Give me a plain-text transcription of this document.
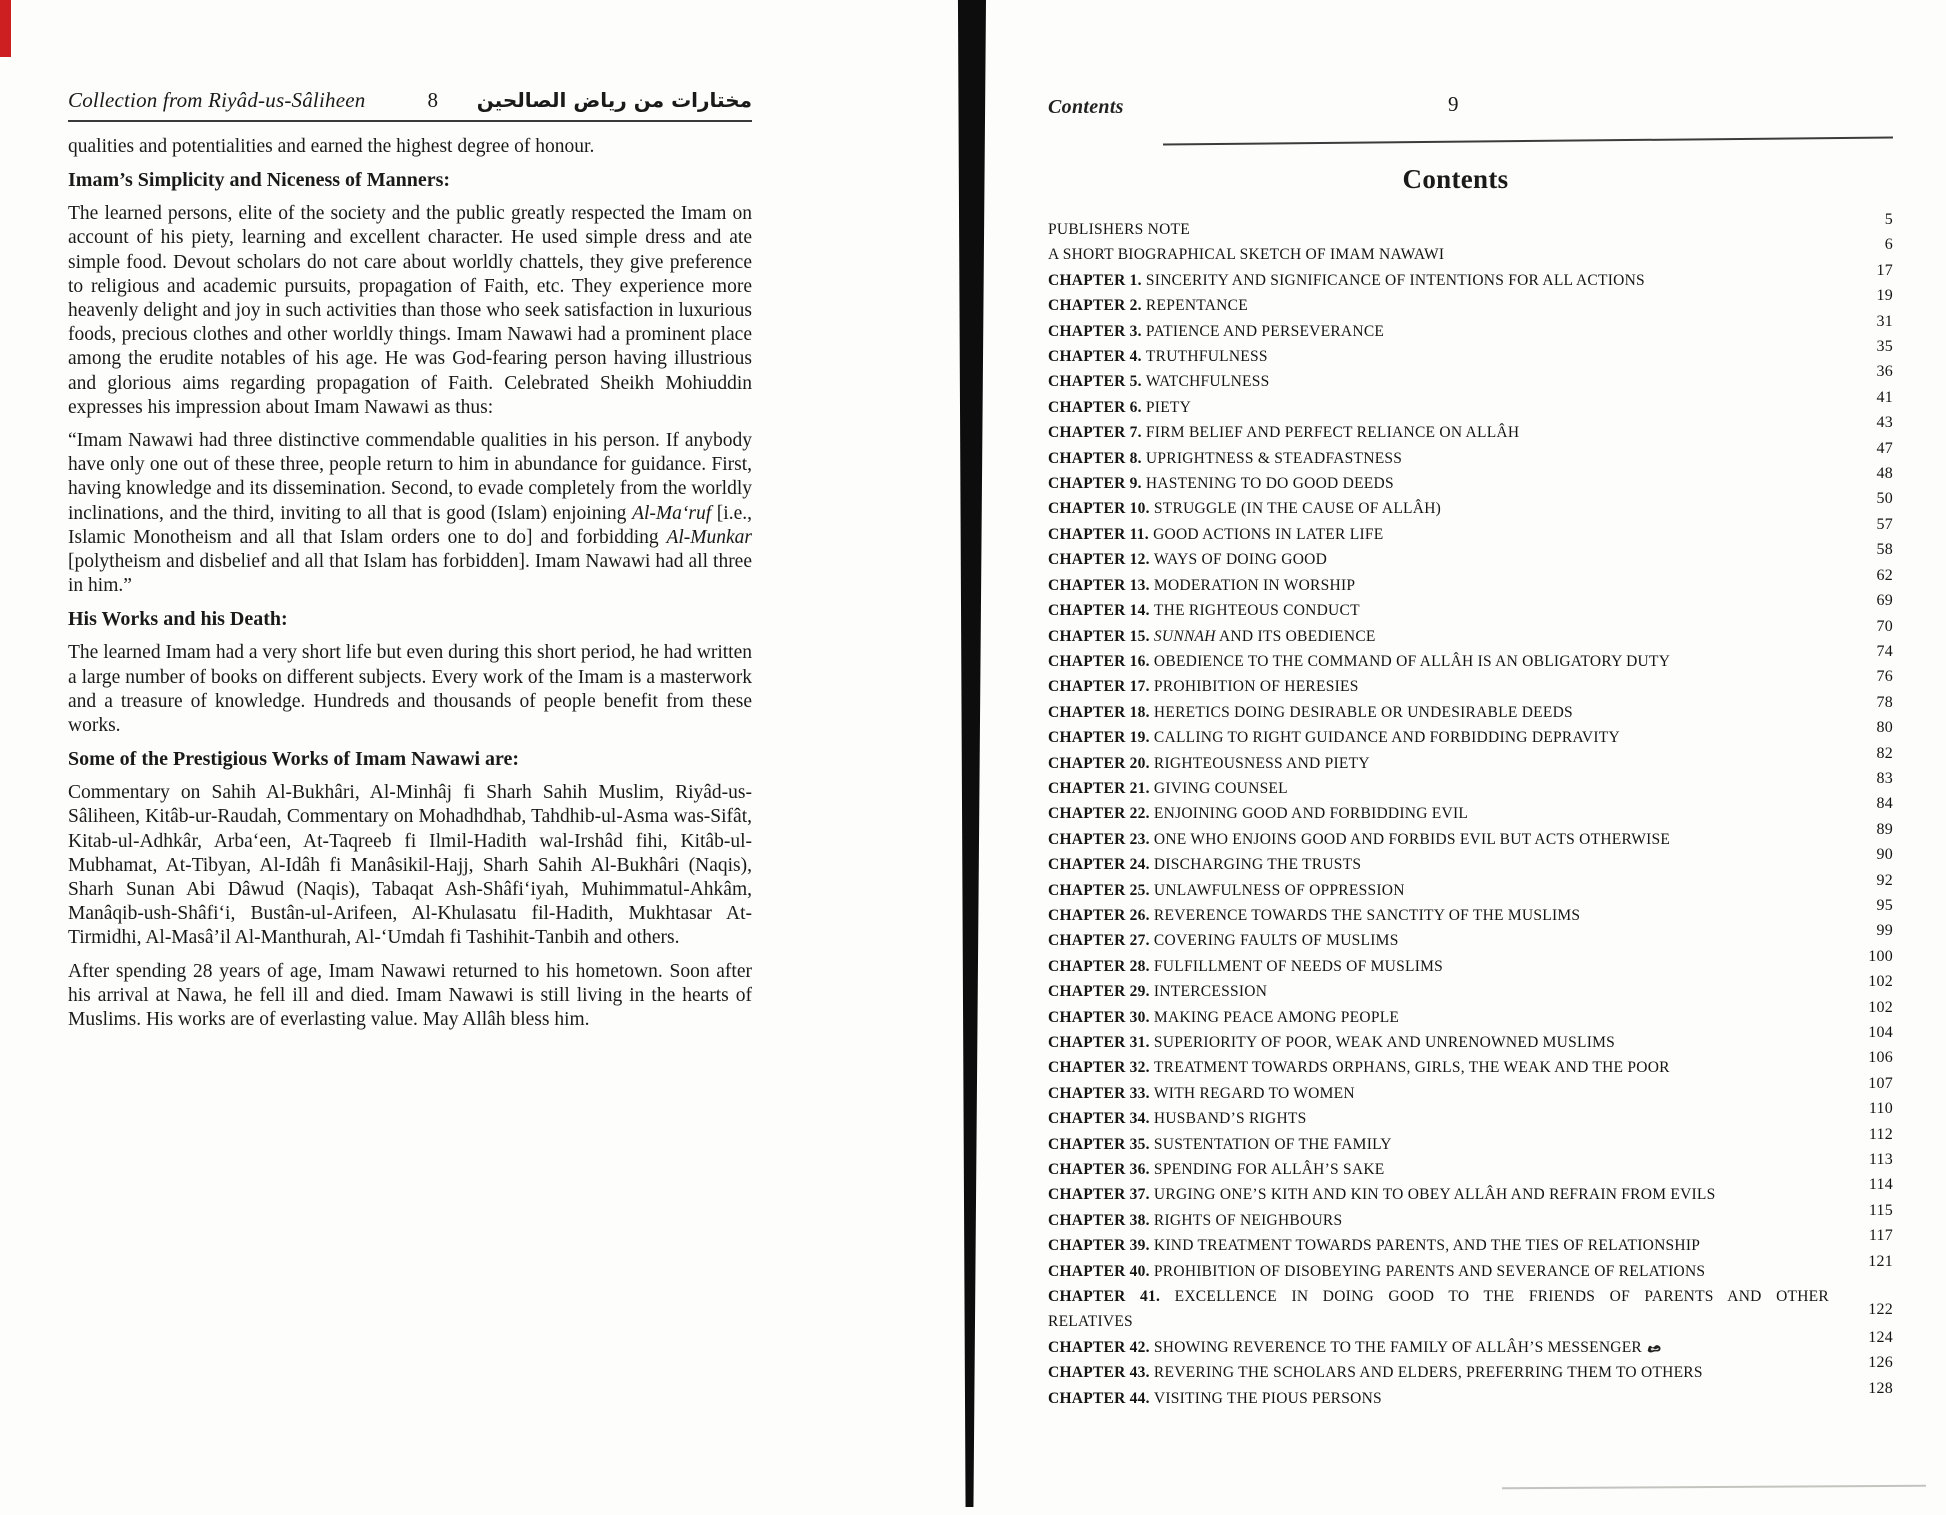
Collection from Riyâd-us-Sâliheen	8 مختارات من رياض الصالحين

qualities and potentialities and earned the highest degree of honour.

Imam’s Simplicity and Niceness of Manners:

The learned persons, elite of the society and the public greatly respected the Imam on account of his piety, learning and excellent character. He used simple dress and ate simple food. Devout scholars do not care about worldly chattels, they give preference to religious and academic pursuits, propagation of Faith, etc. They experience more heavenly delight and joy in such activities than those who seek satisfaction in luxurious foods, precious clothes and other worldly things. Imam Nawawi had a prominent place among the erudite notables of his age. He was God-fearing person having illustrious and glorious aims regarding propagation of Faith. Celebrated Sheikh Mohiuddin expresses his impression about Imam Nawawi as thus:

“Imam Nawawi had three distinctive commendable qualities in his person. If anybody have only one out of these three, people return to him in abundance for guidance. First, having knowledge and its dissemination. Second, to evade completely from the worldly inclinations, and the third, inviting to all that is good (Islam) enjoining Al-Ma‘ruf [i.e., Islamic Monotheism and all that Islam orders one to do] and forbidding Al-Munkar [polytheism and disbelief and all that Islam has forbidden]. Imam Nawawi had all three in him.”

His Works and his Death:

The learned Imam had a very short life but even during this short period, he had written a large number of books on different subjects. Every work of the Imam is a masterwork and a treasure of knowledge. Hundreds and thousands of people benefit from these works.

Some of the Prestigious Works of Imam Nawawi are:

Commentary on Sahih Al-Bukhâri, Al-Minhâj fi Sharh Sahih Muslim, Riyâd-us-Sâliheen, Kitâb-ur-Raudah, Commentary on Mohadhdhab, Tahdhib-ul-Asma was-Sifât, Kitab-ul-Adhkâr, Arba‘een, At-Taqreeb fi Ilmil-Hadith wal-Irshâd fihi, Kitâb-ul-Mubhamat, At-Tibyan, Al-Idâh fi Manâsikil-Hajj, Sharh Sahih Al-Bukhâri (Naqis), Sharh Sunan Abi Dâwud (Naqis), Tabaqat Ash-Shâfi‘iyah, Muhimmatul-Ahkâm, Manâqib-ush-Shâfi‘i, Bustân-ul-Arifeen, Al-Khulasatu fil-Hadith, Mukhtasar At-Tirmidhi, Al-Masâ’il Al-Manthurah, Al-‘Umdah fi Tashihit-Tanbih and others.

After spending 28 years of age, Imam Nawawi returned to his hometown. Soon after his arrival at Nawa, he fell ill and died. Imam Nawawi is still living in the hearts of Muslims. His works are of everlasting value. May Allâh bless him.

Contents	9
Contents
PUBLISHERS NOTE
5
A SHORT BIOGRAPHICAL SKETCH OF IMAM NAWAWI
6
CHAPTER 1. SINCERITY AND SIGNIFICANCE OF INTENTIONS FOR ALL ACTIONS
17
CHAPTER 2. REPENTANCE
19
CHAPTER 3. PATIENCE AND PERSEVERANCE
31
CHAPTER 4. TRUTHFULNESS
35
CHAPTER 5. WATCHFULNESS
36
CHAPTER 6. PIETY
41
CHAPTER 7. FIRM BELIEF AND PERFECT RELIANCE ON ALLÂH
43
CHAPTER 8. UPRIGHTNESS & STEADFASTNESS
47
CHAPTER 9. HASTENING TO DO GOOD DEEDS
48
CHAPTER 10. STRUGGLE (IN THE CAUSE OF ALLÂH)
50
CHAPTER 11. GOOD ACTIONS IN LATER LIFE
57
CHAPTER 12. WAYS OF DOING GOOD
58
CHAPTER 13. MODERATION IN WORSHIP
62
CHAPTER 14. THE RIGHTEOUS CONDUCT
69
CHAPTER 15. SUNNAH AND ITS OBEDIENCE
70
CHAPTER 16. OBEDIENCE TO THE COMMAND OF ALLÂH IS AN OBLIGATORY DUTY
74
CHAPTER 17. PROHIBITION OF HERESIES
76
CHAPTER 18. HERETICS DOING DESIRABLE OR UNDESIRABLE DEEDS
78
CHAPTER 19. CALLING TO RIGHT GUIDANCE AND FORBIDDING DEPRAVITY
80
CHAPTER 20. RIGHTEOUSNESS AND PIETY
82
CHAPTER 21. GIVING COUNSEL
83
CHAPTER 22. ENJOINING GOOD AND FORBIDDING EVIL
84
CHAPTER 23. ONE WHO ENJOINS GOOD AND FORBIDS EVIL BUT ACTS OTHERWISE
89
CHAPTER 24. DISCHARGING THE TRUSTS
90
CHAPTER 25. UNLAWFULNESS OF OPPRESSION
92
CHAPTER 26. REVERENCE TOWARDS THE SANCTITY OF THE MUSLIMS
95
CHAPTER 27. COVERING FAULTS OF MUSLIMS
99
CHAPTER 28. FULFILLMENT OF NEEDS OF MUSLIMS
100
CHAPTER 29. INTERCESSION
102
CHAPTER 30. MAKING PEACE AMONG PEOPLE
102
CHAPTER 31. SUPERIORITY OF POOR, WEAK AND UNRENOWNED MUSLIMS
104
CHAPTER 32. TREATMENT TOWARDS ORPHANS, GIRLS, THE WEAK AND THE POOR
106
CHAPTER 33. WITH REGARD TO WOMEN
107
CHAPTER 34. HUSBAND’S RIGHTS
110
CHAPTER 35. SUSTENTATION OF THE FAMILY
112
CHAPTER 36. SPENDING FOR ALLÂH’S SAKE
113
CHAPTER 37. URGING ONE’S KITH AND KIN TO OBEY ALLÂH AND REFRAIN FROM EVILS
114
CHAPTER 38. RIGHTS OF NEIGHBOURS
115
CHAPTER 39. KIND TREATMENT TOWARDS PARENTS, AND THE TIES OF RELATIONSHIP
117
CHAPTER 40. PROHIBITION OF DISOBEYING PARENTS AND SEVERANCE OF RELATIONS
121
CHAPTER 41. EXCELLENCE IN DOING GOOD TO THE FRIENDS OF PARENTS AND OTHER RELATIVES
122
CHAPTER 42. SHOWING REVERENCE TO THE FAMILY OF ALLÂH’S MESSENGER
124
CHAPTER 43. REVERING THE SCHOLARS AND ELDERS, PREFERRING THEM TO OTHERS
126
CHAPTER 44. VISITING THE PIOUS PERSONS
128
